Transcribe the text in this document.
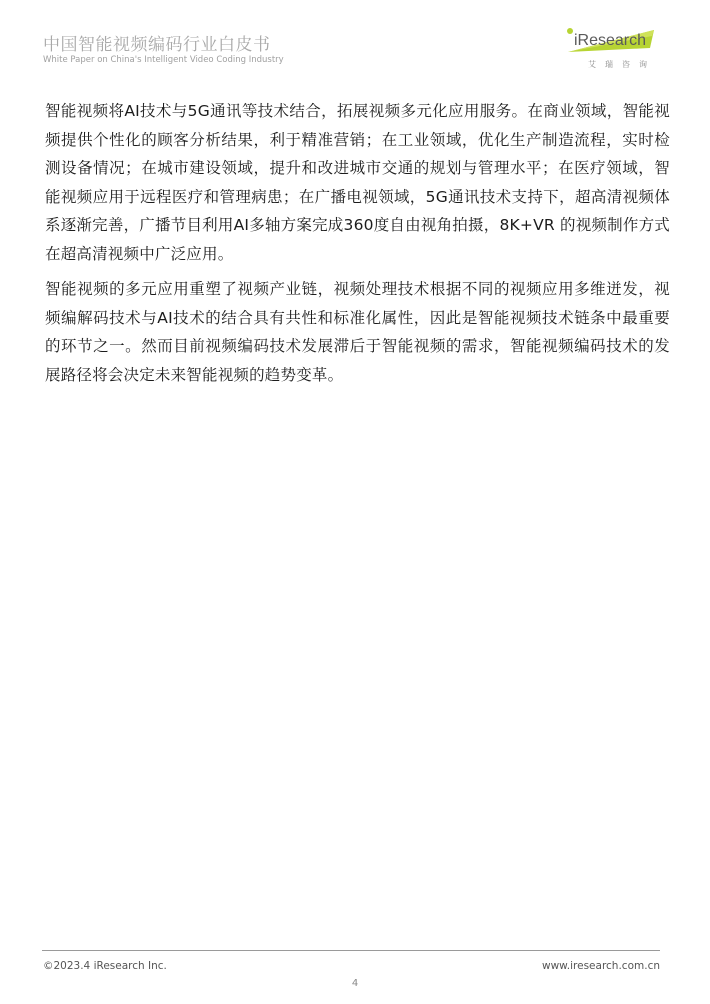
中国智能视频编码行业白皮书
White Paper on China's Intelligent Video Coding Industry
iResearch
艾瑞咨询

智能视频将AI技术与5G通讯等技术结合，拓展视频多元化应用服务。在商业领域，智能视频提供个性化的顾客分析结果，利于精准营销；在工业领域，优化生产制造流程，实时检测设备情况；在城市建设领域，提升和改进城市交通的规划与管理水平；在医疗领域，智能视频应用于远程医疗和管理病患；在广播电视领域，5G通讯技术支持下，超高清视频体系逐渐完善，广播节目利用AI多轴方案完成360度自由视角拍摄，8K+VR 的视频制作方式在超高清视频中广泛应用。

智能视频的多元应用重塑了视频产业链，视频处理技术根据不同的视频应用多维迸发，视频编解码技术与AI技术的结合具有共性和标准化属性，因此是智能视频技术链条中最重要的环节之一。然而目前视频编码技术发展滞后于智能视频的需求，智能视频编码技术的发展路径将会决定未来智能视频的趋势变革。

©2023.4 iResearch Inc.	www.iresearch.com.cn
4
